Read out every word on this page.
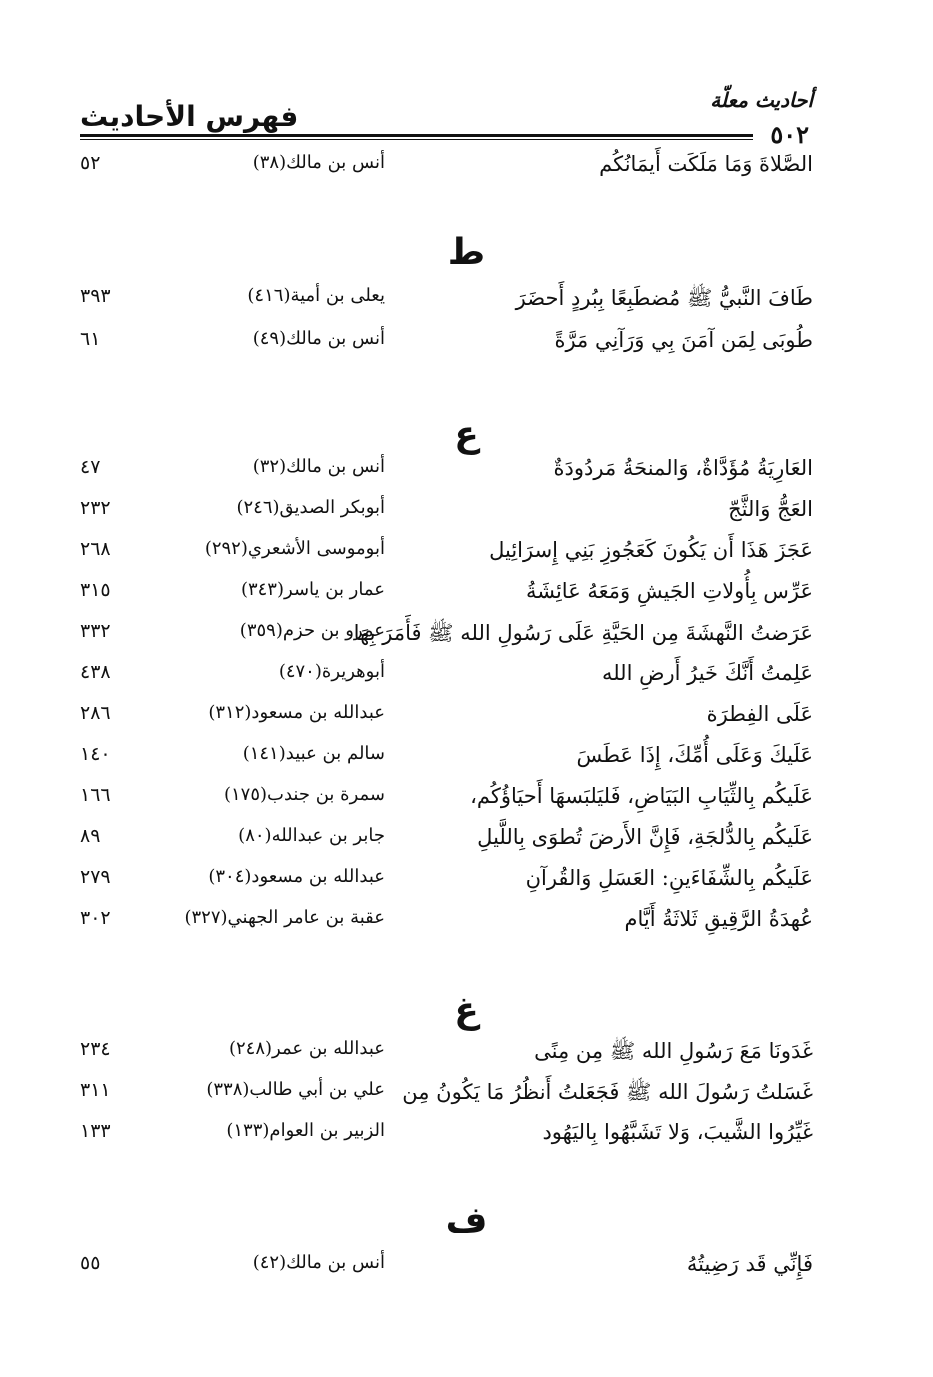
أحاديث معلّة
٥٠٢
فهرس الأحاديث
الصَّلاةَ وَمَا مَلَكَت أَيمَانُكُم
أنس بن مالك(٣٨)
٥٢
ط
طَافَ النَّبيُّ ﷺ مُضطَبِعًا بِبُردٍ أَحضَرَ
يعلى بن أمية(٤١٦)
٣٩٣
طُوبَى لِمَن آمَنَ بِي وَرَآنِي مَرَّةً
أنس بن مالك(٤٩)
٦١
ع
العَارِيَةُ مُؤَدَّاةٌ، وَالمنحَةُ مَردُودَةٌ
أنس بن مالك(٣٢)
٤٧
العَجُّ وَالثَّجّ
أبوبكر الصديق(٢٤٦)
٢٣٢
عَجَزَ هَذَا أَن يَكُونَ كَعَجُوزِ بَنِي إِسرَائِيل
أبوموسى الأشعري(٢٩٢)
٢٦٨
عَرِّس بِأُولاتِ الجَيشِ وَمَعَهُ عَائِشَةُ
عمار بن ياسر(٣٤٣)
٣١٥
عَرَضتُ النَّهشَةَ مِن الحَيَّةِ عَلَى رَسُولِ الله ﷺ فَأَمَرَ بِهَا
عمرو بن حزم(٣٥٩)
٣٣٢
عَلِمتُ أَنَّكَ خَيرُ أَرضِ الله
أبوهريرة(٤٧٠)
٤٣٨
عَلَى الفِطرَة
عبدالله بن مسعود(٣١٢)
٢٨٦
عَلَيكَ وَعَلَى أُمِّكَ، إِذَا عَطَسَ
سالم بن عبيد(١٤١)
١٤٠
عَلَيكُم بِالثِّيَابِ البَيَاضِ، فَليَلبَسهَا أَحيَاؤُكُم،
سمرة بن جندب(١٧٥)
١٦٦
عَلَيكُم بِالدُّلجَةِ، فَإِنَّ الأَرضَ تُطوَى بِاللَّيلِ
جابر بن عبدالله(٨٠)
٨٩
عَلَيكُم بِالشِّفَاءَينِ: العَسَلِ وَالقُرآنِ
عبدالله بن مسعود(٣٠٤)
٢٧٩
عُهدَةُ الرَّقِيقِ ثَلاثَةُ أَيَّام
عقبة بن عامر الجهني(٣٢٧)
٣٠٢
غ
غَدَونَا مَعَ رَسُولِ الله ﷺ مِن مِنًى
عبدالله بن عمر(٢٤٨)
٢٣٤
غَسَلتُ رَسُولَ الله ﷺ فَجَعَلتُ أَنظُرُ مَا يَكُونُ مِن
علي بن أبي طالب(٣٣٨)
٣١١
غَيِّرُوا الشَّيبَ، وَلا تَشَبَّهُوا بِاليَهُود
الزبير بن العوام(١٣٣)
١٣٣
ف
فَإِنِّي قَد رَضِيتُهُ
أنس بن مالك(٤٢)
٥٥
